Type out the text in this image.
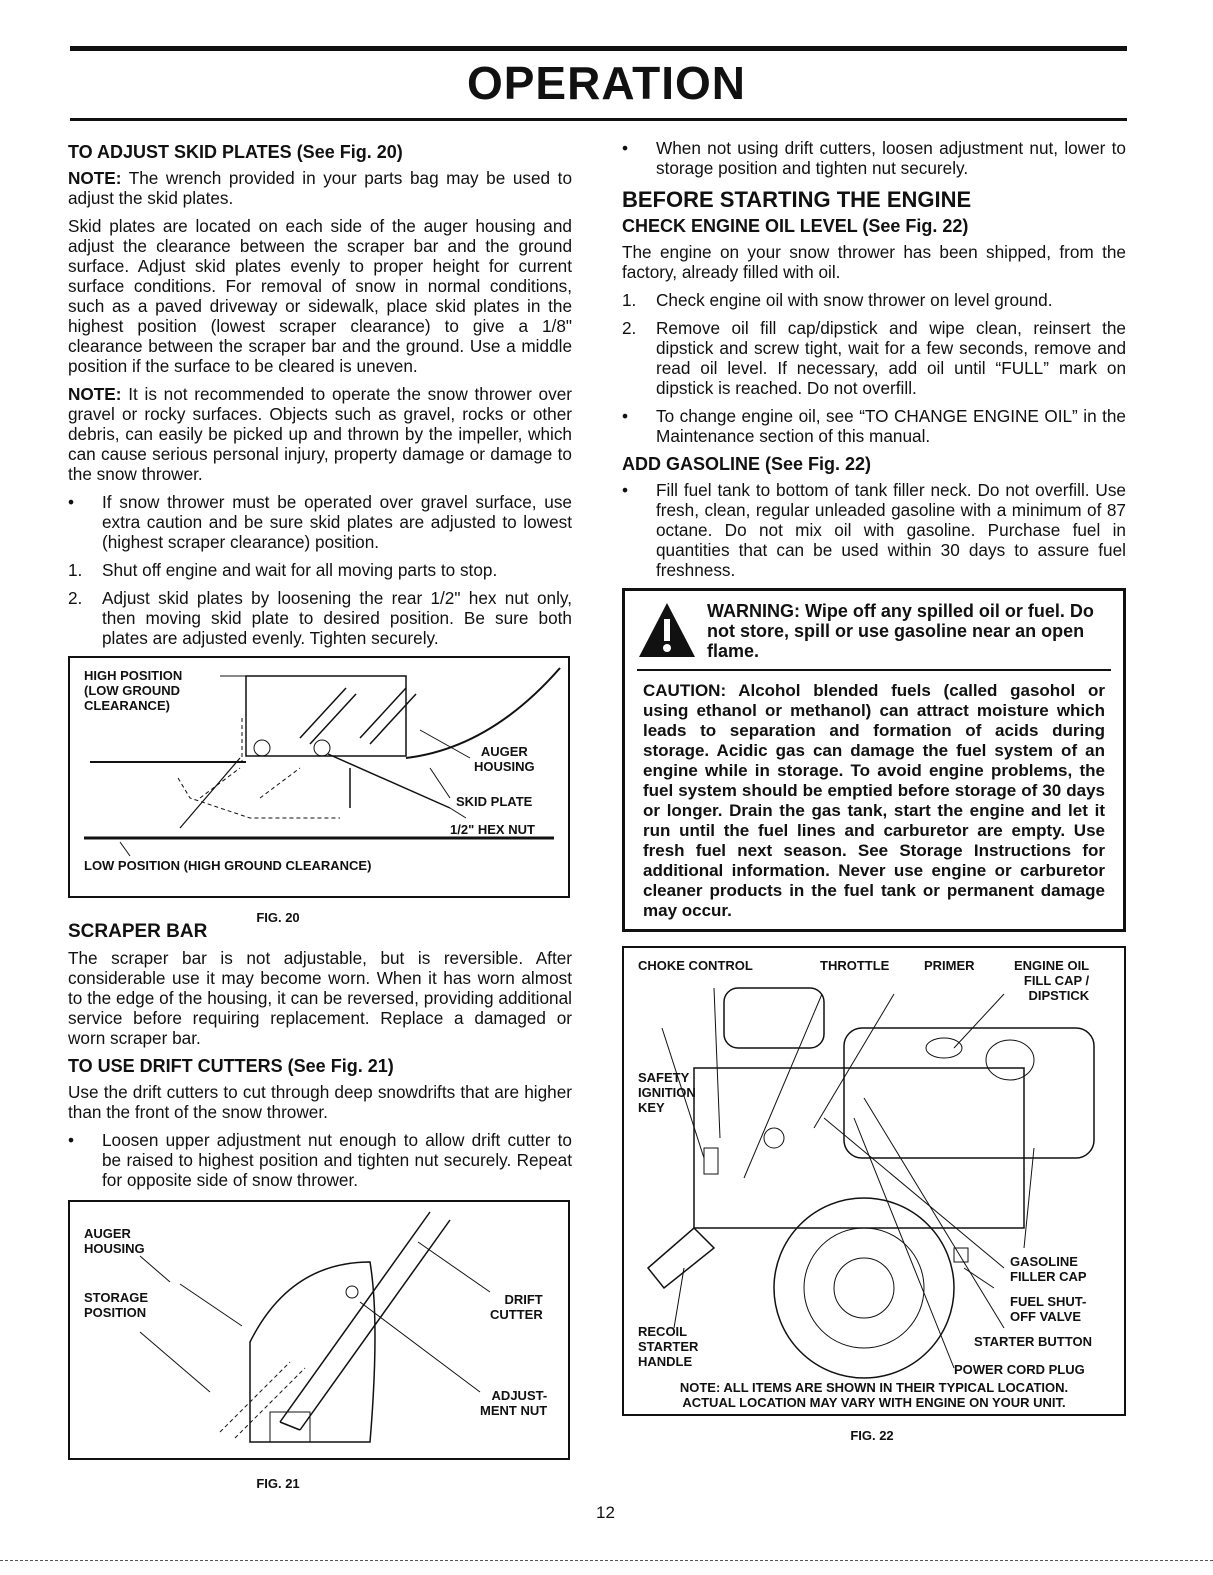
OPERATION
TO ADJUST SKID PLATES (See Fig. 20)

NOTE: The wrench provided in your parts bag may be used to adjust the skid plates.

Skid plates are located on each side of the auger housing and adjust the clearance between the scraper bar and the ground surface. Adjust skid plates evenly to proper height for current surface conditions. For removal of snow in normal conditions, such as a paved driveway or sidewalk, place skid plates in the highest position (lowest scraper clearance) to give a 1/8" clearance between the scraper bar and the ground. Use a middle position if the surface to be cleared is uneven.

NOTE: It is not recommended to operate the snow thrower over gravel or rocky surfaces. Objects such as gravel, rocks or other debris, can easily be picked up and thrown by the impeller, which can cause serious personal injury, property damage or damage to the snow thrower.

•	If snow thrower must be operated over gravel surface, use extra caution and be sure skid plates are adjusted to lowest (highest scraper clearance) position.
1.	Shut off engine and wait for all moving parts to stop.
2.	Adjust skid plates by loosening the rear 1/2" hex nut only, then moving skid plate to desired position. Be sure both plates are adjusted evenly. Tighten securely.
HIGH POSITION
(LOW GROUND
CLEARANCE)
AUGER
HOUSING
SKID PLATE
1/2" HEX NUT
LOW POSITION (HIGH GROUND CLEARANCE)
FIG. 20
SCRAPER BAR

The scraper bar is not adjustable, but is reversible. After considerable use it may become worn. When it has worn almost to the edge of the housing, it can be reversed, providing additional service before requiring replacement. Replace a damaged or worn scraper bar.

TO USE DRIFT CUTTERS (See Fig. 21)

Use the drift cutters to cut through deep snowdrifts that are higher than the front of the snow thrower.

•	Loosen upper adjustment nut enough to allow drift cutter to be raised to highest position and tighten nut securely. Repeat for opposite side of snow thrower.
AUGER
HOUSING
STORAGE
POSITION
DRIFT
CUTTER
ADJUST-
MENT NUT
FIG. 21
•	When not using drift cutters, loosen adjustment nut, lower to storage position and tighten nut securely.
BEFORE STARTING THE ENGINE
CHECK ENGINE OIL LEVEL (See Fig. 22)

The engine on your snow thrower has been shipped, from the factory, already filled with oil.

1.	Check engine oil with snow thrower on level ground.
2.	Remove oil fill cap/dipstick and wipe clean, reinsert the dipstick and screw tight, wait for a few seconds, remove and read oil level. If necessary, add oil until “FULL” mark on dipstick is reached. Do not overfill.
•	To change engine oil, see “TO CHANGE ENGINE OIL” in the Maintenance section of this manual.
ADD GASOLINE (See Fig. 22)
•	Fill fuel tank to bottom of tank filler neck. Do not overfill. Use fresh, clean, regular unleaded gasoline with a minimum of 87 octane. Do not mix oil with gasoline. Purchase fuel in quantities that can be used within 30 days to assure fuel freshness.
WARNING: Wipe off any spilled oil or fuel. Do not store, spill or use gasoline near an open flame.
CAUTION: Alcohol blended fuels (called gasohol or using ethanol or methanol) can attract moisture which leads to separation and formation of acids during storage. Acidic gas can damage the fuel system of an engine while in storage. To avoid engine problems, the fuel system should be emptied before storage of 30 days or longer. Drain the gas tank, start the engine and let it run until the fuel lines and carburetor are empty. Use fresh fuel next season. See Storage Instructions for additional information. Never use engine or carburetor cleaner products in the fuel tank or permanent damage may occur.
CHOKE CONTROL	THROTTLE	PRIMER	ENGINE OIL
FILL CAP /
DIPSTICK
SAFETY
IGNITION
KEY
GASOLINE
FILLER CAP
FUEL SHUT-
OFF VALVE
STARTER BUTTON
RECOIL
STARTER
HANDLE
POWER CORD PLUG
NOTE: ALL ITEMS ARE SHOWN IN THEIR TYPICAL LOCATION.
ACTUAL LOCATION MAY VARY WITH ENGINE ON YOUR UNIT.
FIG. 22
12
